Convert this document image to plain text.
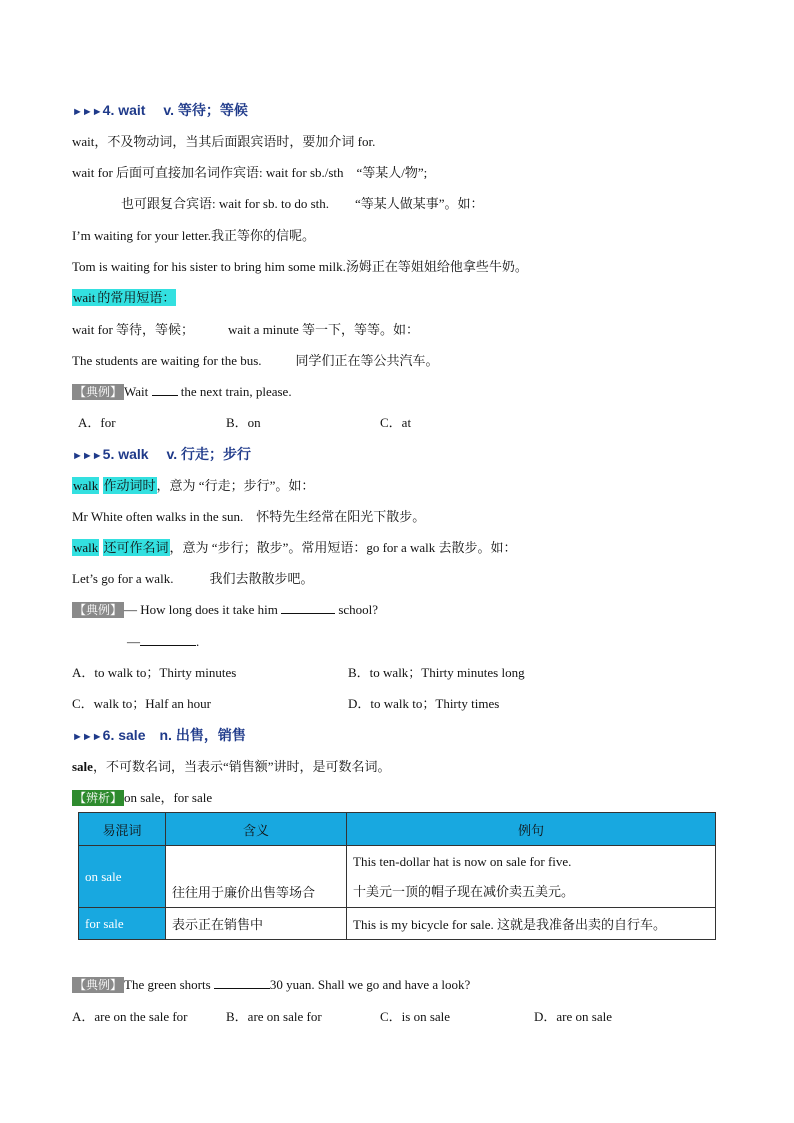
►►►4. wait　 v. 等待；等候
wait，不及物动词，当其后面跟宾语时，要加介词 for.
wait for 后面可直接加名词作宾语: wait for sb./sth　“等某人/物”;
也可跟复合宾语: wait for sb. to do sth.　　“等某人做某事”。如：
I’m waiting for your letter.我正等你的信呢。
Tom is waiting for his sister to bring him some milk.汤姆正在等姐姐给他拿些牛奶。
wait 的常用短语：
wait for 等待，等候；	wait a minute 等一下，等等。如：
The students are waiting for the bus.	同学们正在等公共汽车。
【典例】 Wait	the next train, please.
A．for	B．on	C．at
►►►5. walk　 v. 行走；步行
walk 作动词时，意为 “行走；步行”。如：
Mr White often walks in the sun.　怀特先生经常在阳光下散步。
walk 还可作名词，意为 “步行；散步”。常用短语：go for a walk 去散步。如：
Let’s go for a walk.	我们去散散步吧。
【典例】 — How long does it take him	school?
—	.
A．to walk to；Thirty minutes	B．to walk；Thirty minutes long
C．walk to；Half an hour	D．to walk to；Thirty times
►►►6. sale　n. 出售，销售
sale，不可数名词，当表示“销售额”讲时，是可数名词。
【辨析】 on sale，for sale
易混词	含义	例句
on sale	往往用于廉价出售等场合	This ten-dollar hat is now on sale for five.
十美元一顶的帽子现在减价卖五美元。

for sale	表示正在销售中	This is my bicycle for sale. 这就是我准备出卖的自行车。
【典例】 The green shorts	30 yuan. Shall we go and have a look?
A．are on the sale for	B．are on sale for	C．is on sale	D．are on sale
